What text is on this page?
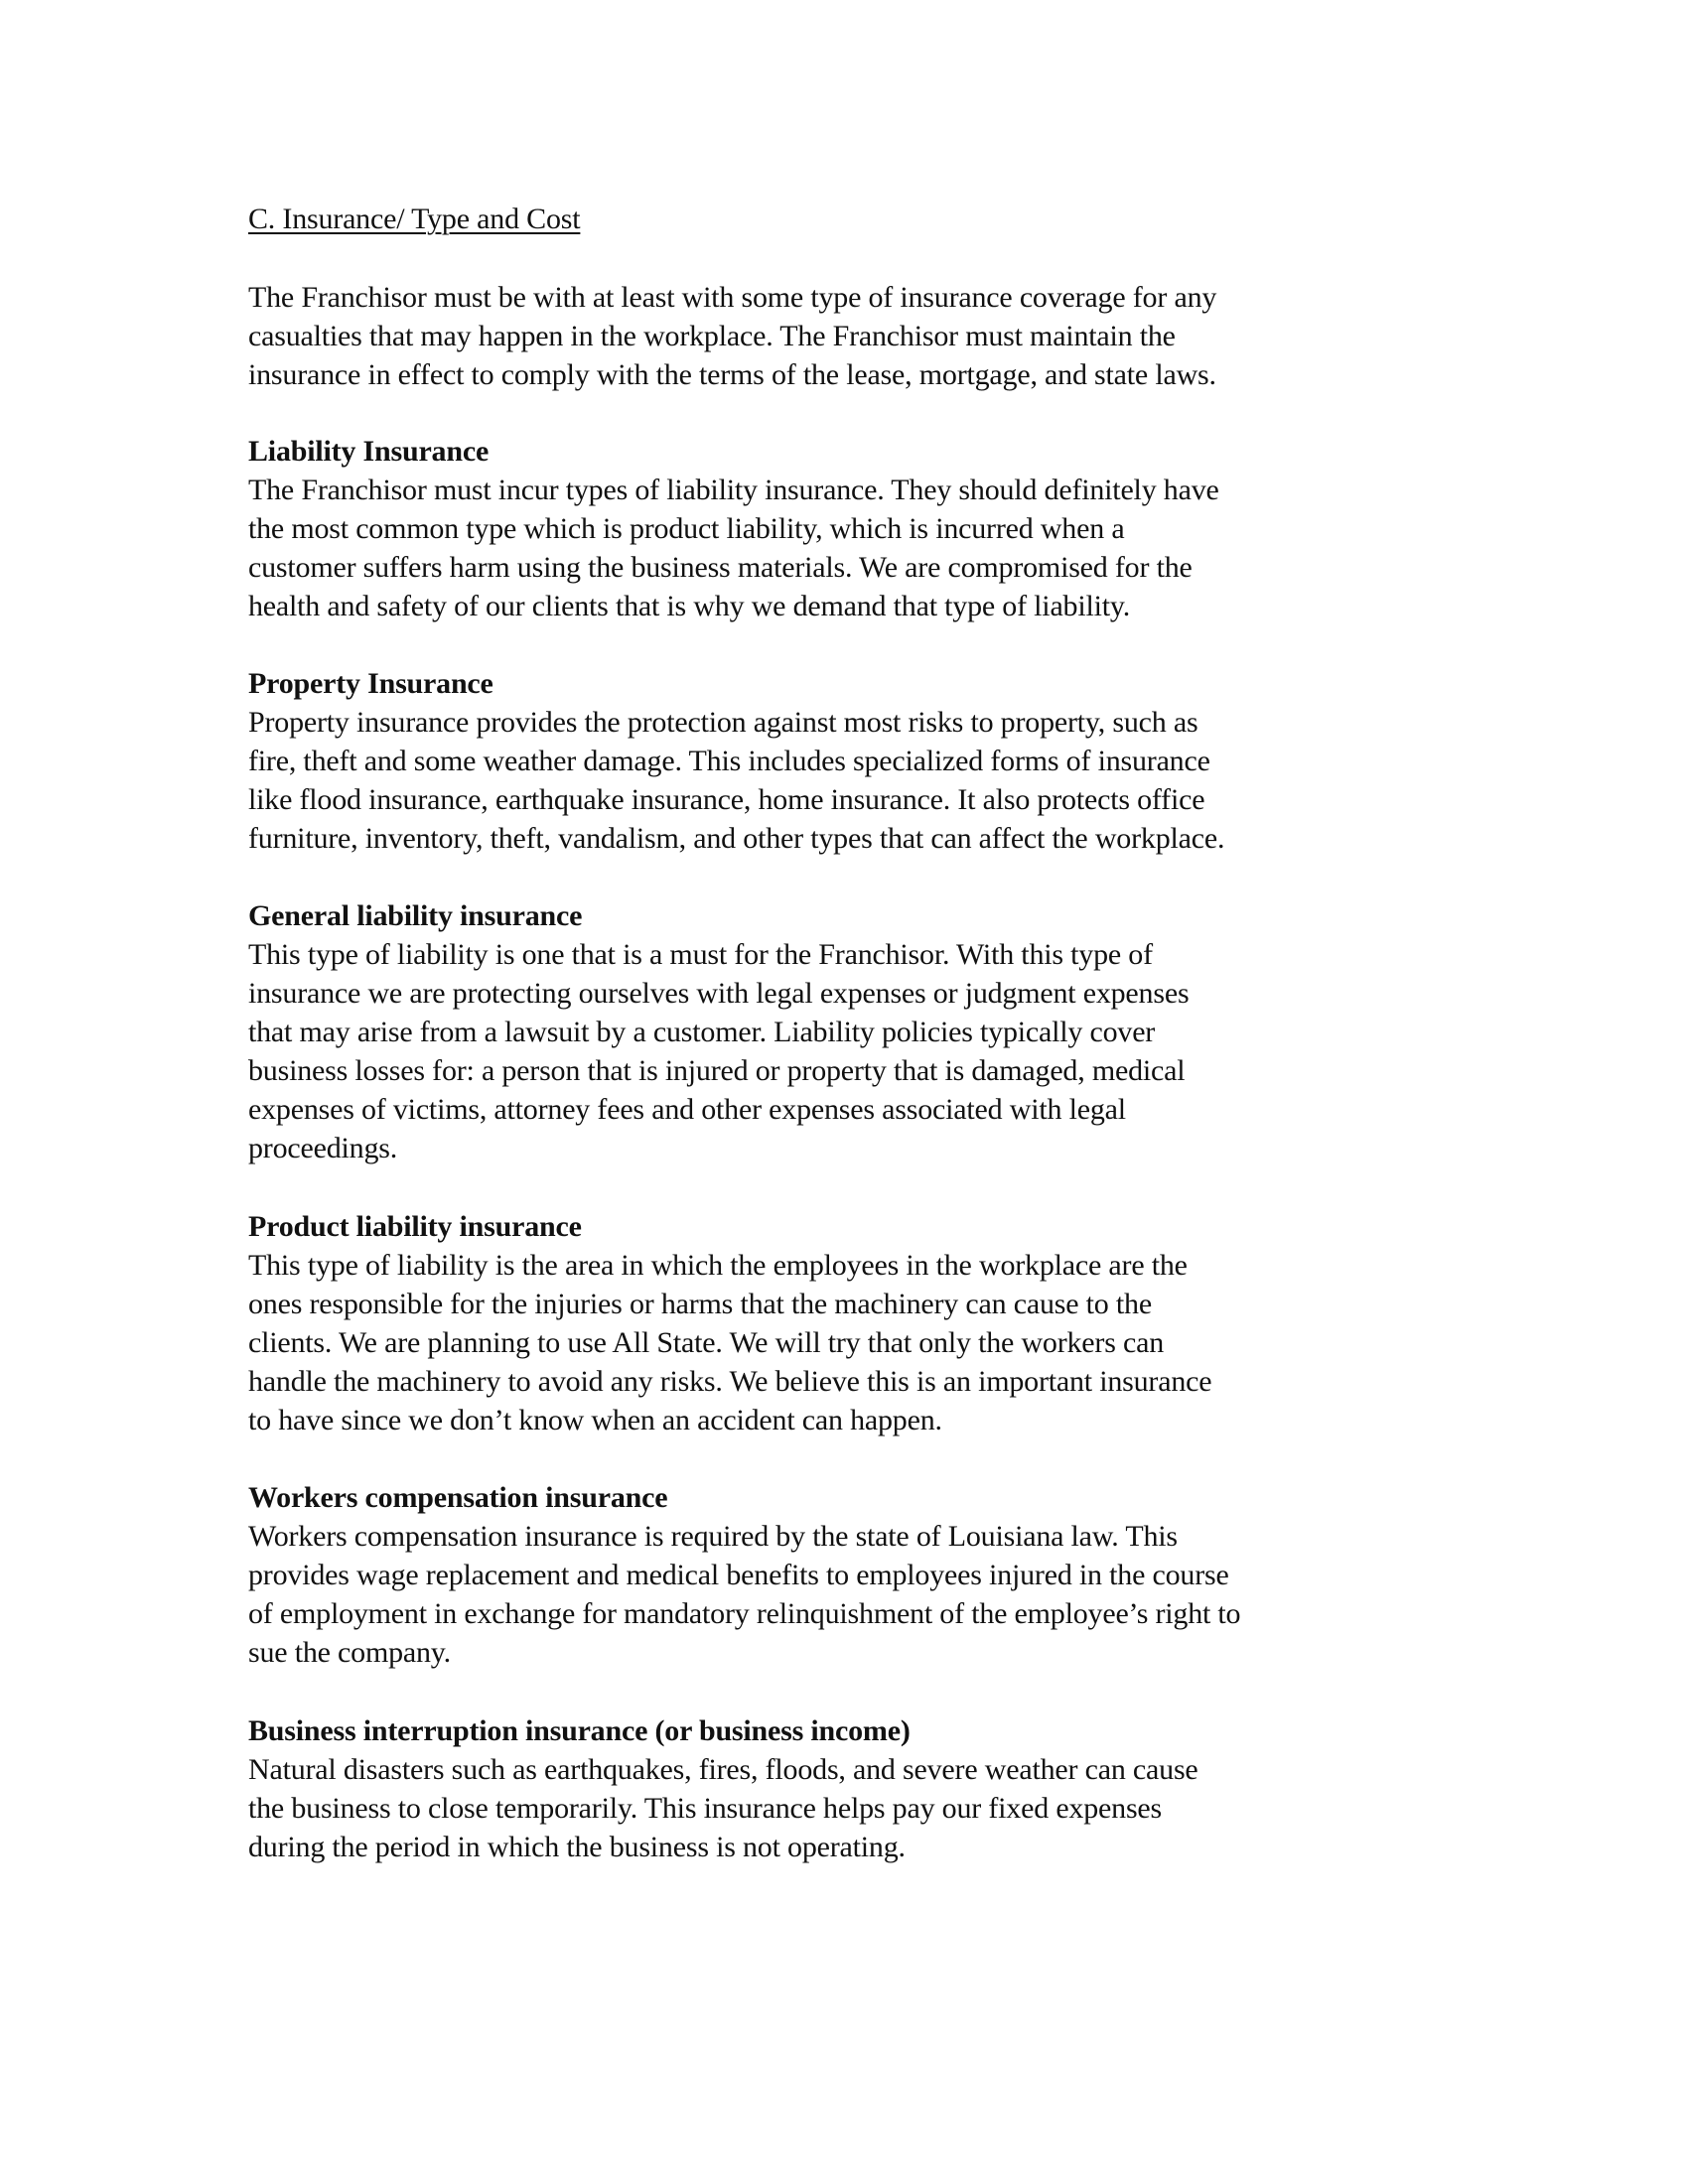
C. Insurance/ Type and Cost
The Franchisor must be with at least with some type of insurance coverage for any
casualties that may happen in the workplace. The Franchisor must maintain the
insurance in effect to comply with the terms of the lease, mortgage, and state laws.
Liability Insurance
The Franchisor must incur types of liability insurance. They should definitely have
the most common type which is product liability, which is incurred when a
customer suffers harm using the business materials. We are compromised for the
health and safety of our clients that is why we demand that type of liability.
Property Insurance
Property insurance provides the protection against most risks to property, such as
fire, theft and some weather damage. This includes specialized forms of insurance
like flood insurance, earthquake insurance, home insurance. It also protects office
furniture, inventory, theft, vandalism, and other types that can affect the workplace.
General liability insurance
This type of liability is one that is a must for the Franchisor. With this type of
insurance we are protecting ourselves with legal expenses or judgment expenses
that may arise from a lawsuit by a customer. Liability policies typically cover
business losses for: a person that is injured or property that is damaged, medical
expenses of victims, attorney fees and other expenses associated with legal
proceedings.
Product liability insurance
This type of liability is the area in which the employees in the workplace are the
ones responsible for the injuries or harms that the machinery can cause to the
clients. We are planning to use All State. We will try that only the workers can
handle the machinery to avoid any risks. We believe this is an important insurance
to have since we don’t know when an accident can happen.
Workers compensation insurance
Workers compensation insurance is required by the state of Louisiana law. This
provides wage replacement and medical benefits to employees injured in the course
of employment in exchange for mandatory relinquishment of the employee’s right to
sue the company.
Business interruption insurance (or business income)
Natural disasters such as earthquakes, fires, floods, and severe weather can cause
the business to close temporarily. This insurance helps pay our fixed expenses
during the period in which the business is not operating.
